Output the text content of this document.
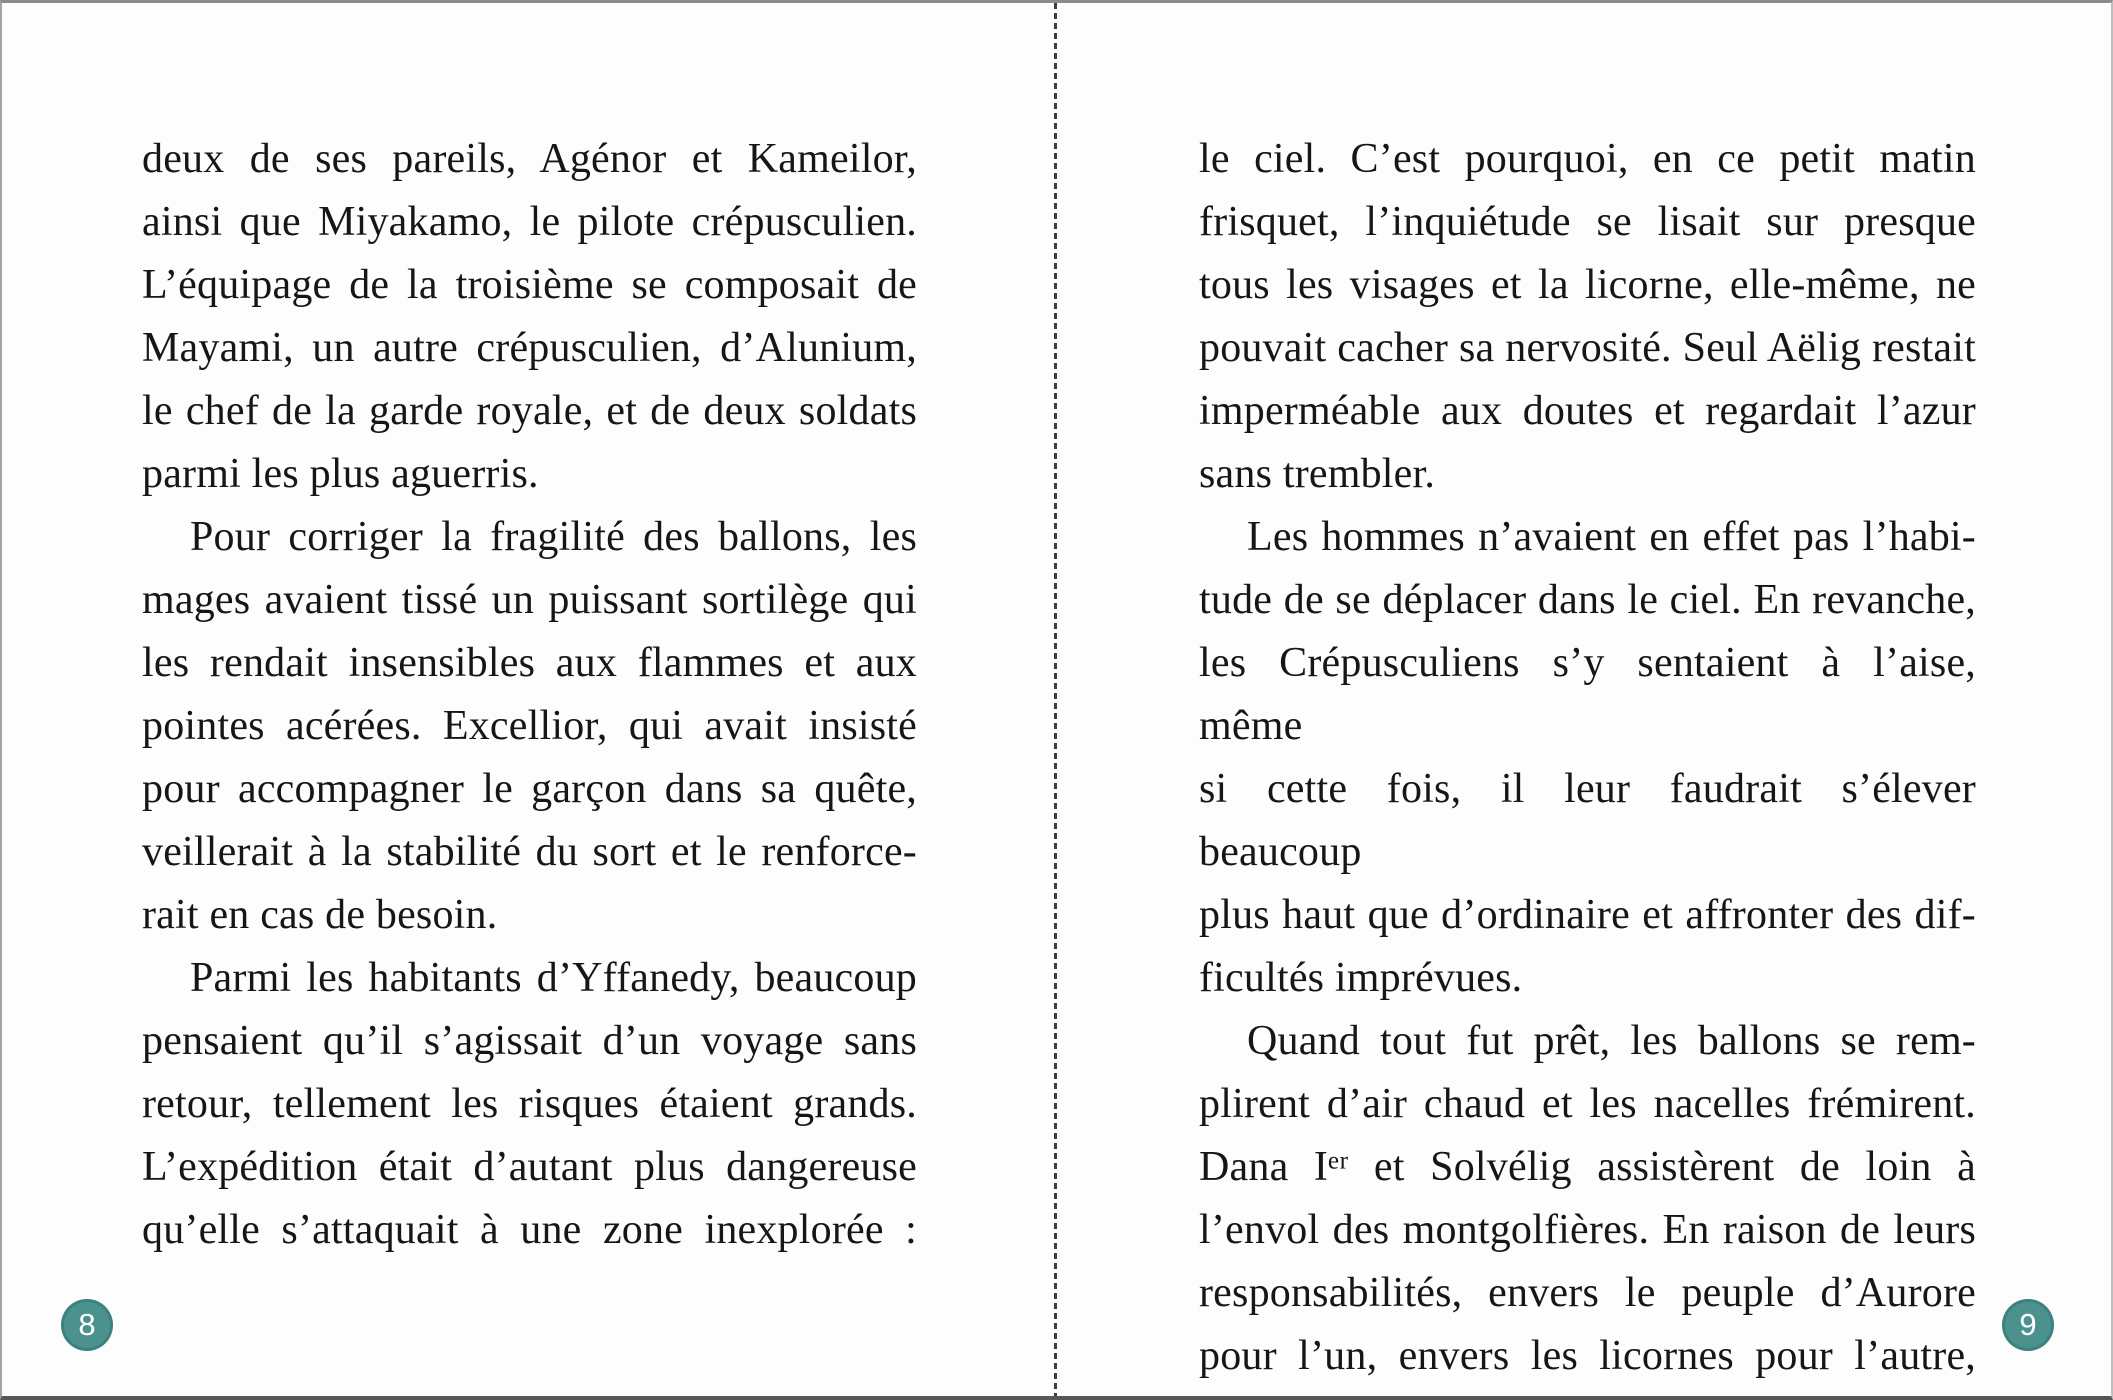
deux de ses pareils, Agénor et Kameilor,
ainsi que Miyakamo, le pilote crépusculien.
L’équipage de la troisième se composait de
Mayami, un autre crépusculien, d’Alunium,
le chef de la garde royale, et de deux soldats
parmi les plus aguerris.
Pour corriger la fragilité des ballons, les
mages avaient tissé un puissant sortilège qui
les rendait insensibles aux flammes et aux
pointes acérées. Excellior, qui avait insisté
pour accompagner le garçon dans sa quête,
veillerait à la stabilité du sort et le renforce-
rait en cas de besoin.
Parmi les habitants d’Yffanedy, beaucoup
pensaient qu’il s’agissait d’un voyage sans
retour, tellement les risques étaient grands.
L’expédition était d’autant plus dangereuse
qu’elle s’attaquait à une zone inexplorée :
8
le ciel. C’est pourquoi, en ce petit matin
frisquet, l’inquiétude se lisait sur presque
tous les visages et la licorne, elle-même, ne
pouvait cacher sa nervosité. Seul Aëlig restait
imperméable aux doutes et regardait l’azur
sans trembler.
Les hommes n’avaient en effet pas l’habi-
tude de se déplacer dans le ciel. En revanche,
les Crépusculiens s’y sentaient à l’aise, même
si cette fois, il leur faudrait s’élever beaucoup
plus haut que d’ordinaire et affronter des dif-
ficultés imprévues.
Quand tout fut prêt, les ballons se rem-
plirent d’air chaud et les nacelles frémirent.
Dana Iᵉʳ et Solvélig assistèrent de loin à
l’envol des montgolfières. En raison de leurs
responsabilités, envers le peuple d’Aurore
pour l’un, envers les licornes pour l’autre,
9
